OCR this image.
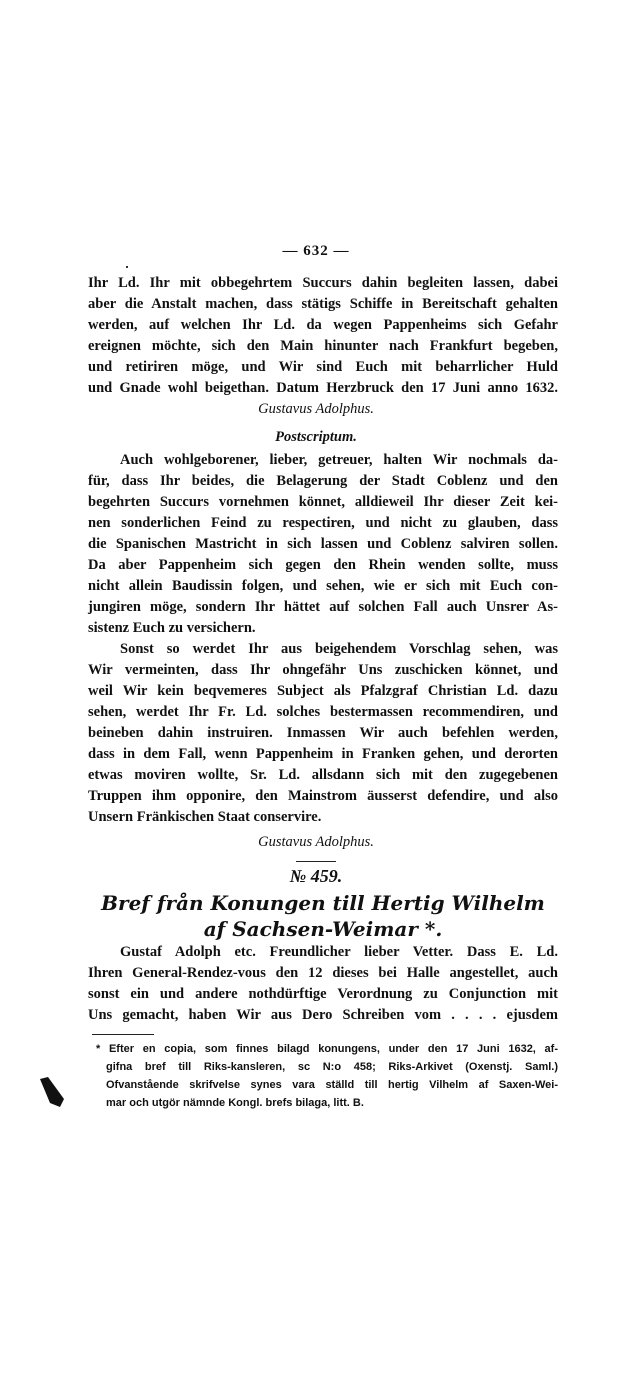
— 632 —
Ihr Ld. Ihr mit obbegehrtem Succurs dahin begleiten lassen, dabei
aber die Anstalt machen, dass stätigs Schiffe in Bereitschaft gehalten
werden, auf welchen Ihr Ld. da wegen Pappenheims sich Gefahr
ereignen möchte, sich den Main hinunter nach Frankfurt begeben,
und retiriren möge, und Wir sind Euch mit beharrlicher Huld
und Gnade wohl beigethan. Datum Herzbruck den 17 Juni anno 1632.
Gustavus Adolphus.
Postscriptum.
Auch wohlgeborener, lieber, getreuer, halten Wir nochmals da-
für, dass Ihr beides, die Belagerung der Stadt Coblenz und den
begehrten Succurs vornehmen könnet, alldieweil Ihr dieser Zeit kei-
nen sonderlichen Feind zu respectiren, und nicht zu glauben, dass
die Spanischen Mastricht in sich lassen und Coblenz salviren sollen.
Da aber Pappenheim sich gegen den Rhein wenden sollte, muss
nicht allein Baudissin folgen, und sehen, wie er sich mit Euch con-
jungiren möge, sondern Ihr hättet auf solchen Fall auch Unsrer As-
sistenz Euch zu versichern.
Sonst so werdet Ihr aus beigehendem Vorschlag sehen, was
Wir vermeinten, dass Ihr ohngefähr Uns zuschicken könnet, und
weil Wir kein beqvemeres Subject als Pfalzgraf Christian Ld. dazu
sehen, werdet Ihr Fr. Ld. solches bestermassen recommendiren, und
beineben dahin instruiren. Inmassen Wir auch befehlen werden,
dass in dem Fall, wenn Pappenheim in Franken gehen, und derorten
etwas moviren wollte, Sr. Ld. allsdann sich mit den zugegebenen
Truppen ihm opponire, den Mainstrom äusserst defendire, und also
Unsern Fränkischen Staat conservire.
Gustavus Adolphus.
№ 459.
Bref från Konungen till Hertig Wilhelm
af Sachsen-Weimar *.
Gustaf Adolph etc. Freundlicher lieber Vetter. Dass E. Ld.
Ihren General-Rendez-vous den 12 dieses bei Halle angestellet, auch
sonst ein und andere nothdürftige Verordnung zu Conjunction mit
Uns gemacht, haben Wir aus Dero Schreiben vom . . . . ejusdem
* Efter en copia, som finnes bilagd konungens, under den 17 Juni 1632, af-
gifna bref till Riks-kansleren, sc N:o 458; Riks-Arkivet (Oxenstj. Saml.)
Ofvanstående skrifvelse synes vara ställd till hertig Vilhelm af Saxen-Wei-
mar och utgör nämnde Kongl. brefs bilaga, litt. B.
